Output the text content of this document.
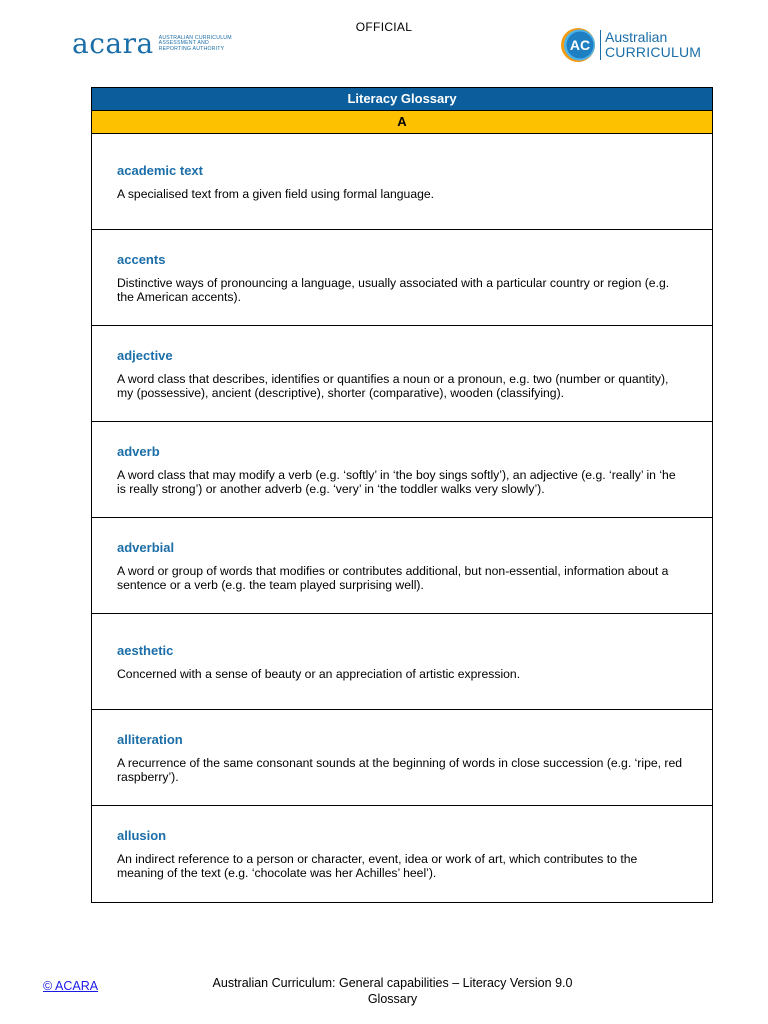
OFFICIAL
acara AUSTRALIAN CURRICULUM ASSESSMENT AND REPORTING AUTHORITY	AC Australian
CURRICULUM
Literacy Glossary
A
academic text
A specialised text from a given field using formal language.
accents
Distinctive ways of pronouncing a language, usually associated with a particular country or region (e.g. the American accents).
adjective
A word class that describes, identifies or quantifies a noun or a pronoun, e.g. two (number or quantity), my (possessive), ancient (descriptive), shorter (comparative), wooden (classifying).
adverb
A word class that may modify a verb (e.g. ‘softly’ in ‘the boy sings softly’), an adjective (e.g. ‘really’ in ‘he is really strong’) or another adverb (e.g. ‘very’ in ‘the toddler walks very slowly’).
adverbial
A word or group of words that modifies or contributes additional, but non-essential, information about a sentence or a verb (e.g. the team played surprising well).
aesthetic
Concerned with a sense of beauty or an appreciation of artistic expression.
alliteration
A recurrence of the same consonant sounds at the beginning of words in close succession (e.g. ‘ripe, red raspberry’).
allusion
An indirect reference to a person or character, event, idea or work of art, which contributes to the meaning of the text (e.g. ‘chocolate was her Achilles’ heel’).
© ACARA	Australian Curriculum: General capabilities – Literacy Version 9.0
Glossary
